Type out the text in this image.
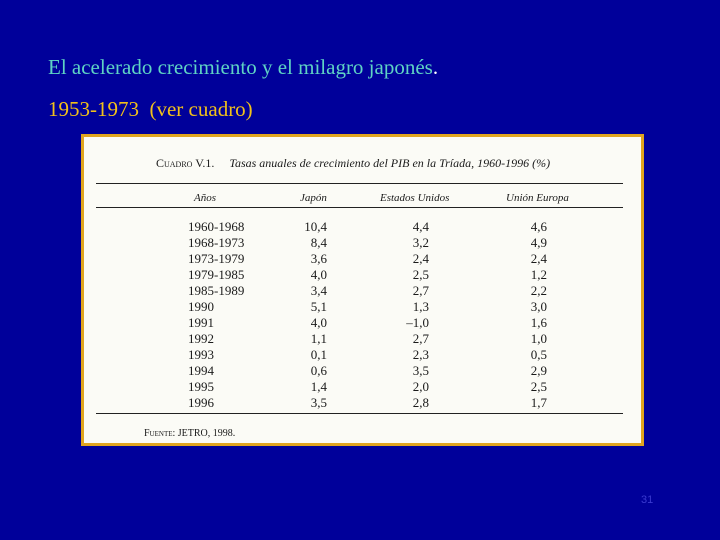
El acelerado crecimiento y el milagro japonés.
1953-1973  (ver cuadro)
Cuadro V.1. Tasas anuales de crecimiento del PIB en la Tríada, 1960-1996 (%)
Años	Japón	Estados Unidos	Unión Europa
1960-1968	10,4	4,4	4,6
1968-1973	8,4	3,2	4,9
1973-1979	3,6	2,4	2,4
1979-1985	4,0	2,5	1,2
1985-1989	3,4	2,7	2,2
1990	5,1	1,3	3,0
1991	4,0	–1,0	1,6
1992	1,1	2,7	1,0
1993	0,1	2,3	0,5
1994	0,6	3,5	2,9
1995	1,4	2,0	2,5
1996	3,5	2,8	1,7
Fuente: JETRO, 1998.
31
